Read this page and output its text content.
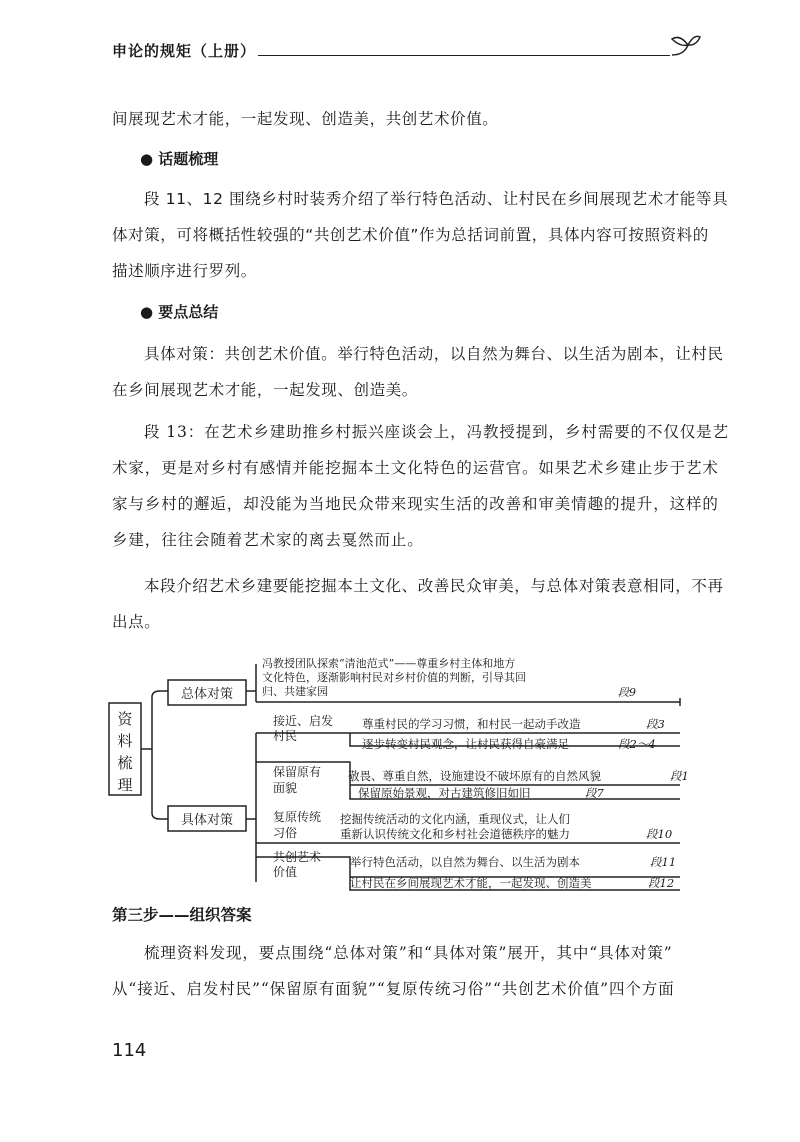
申论的规矩（上册）
间展现艺术才能，一起发现、创造美，共创艺术价值。
● 话题梳理
段 11、12 围绕乡村时装秀介绍了举行特色活动、让村民在乡间展现艺术才能等具
体对策，可将概括性较强的“共创艺术价值”作为总括词前置，具体内容可按照资料的
描述顺序进行罗列。
● 要点总结
具体对策：共创艺术价值。举行特色活动，以自然为舞台、以生活为剧本，让村民
在乡间展现艺术才能，一起发现、创造美。
段 13：在艺术乡建助推乡村振兴座谈会上，冯教授提到，乡村需要的不仅仅是艺
术家，更是对乡村有感情并能挖掘本土文化特色的运营官。如果艺术乡建止步于艺术
家与乡村的邂逅，却没能为当地民众带来现实生活的改善和审美情趣的提升，这样的
乡建，往往会随着艺术家的离去戛然而止。
本段介绍艺术乡建要能挖掘本土文化、改善民众审美，与总体对策表意相同，不再
出点。
资
料
梳
理
总体对策
冯教授团队探索“清池范式”——尊重乡村主体和地方
文化特色，逐渐影响村民对乡村价值的判断，引导其回
归、共建家园	段9
具体对策
接近、启发
村民
尊重村民的学习习惯，和村民一起动手改造	段3
逐步转变村民观念，让村民获得自豪满足	段2～4
保留原有
面貌
敬畏、尊重自然，设施建设不破坏原有的自然风貌	段1
保留原始景观，对古建筑修旧如旧	段7
复原传统
习俗
挖掘传统活动的文化内涵，重现仪式，让人们
重新认识传统文化和乡村社会道德秩序的魅力	段10
共创艺术
价值
举行特色活动，以自然为舞台、以生活为剧本	段11
让村民在乡间展现艺术才能，一起发现、创造美	段12
第三步——组织答案
梳理资料发现，要点围绕“总体对策”和“具体对策”展开，其中“具体对策”
从“接近、启发村民”“保留原有面貌”“复原传统习俗”“共创艺术价值”四个方面
114
